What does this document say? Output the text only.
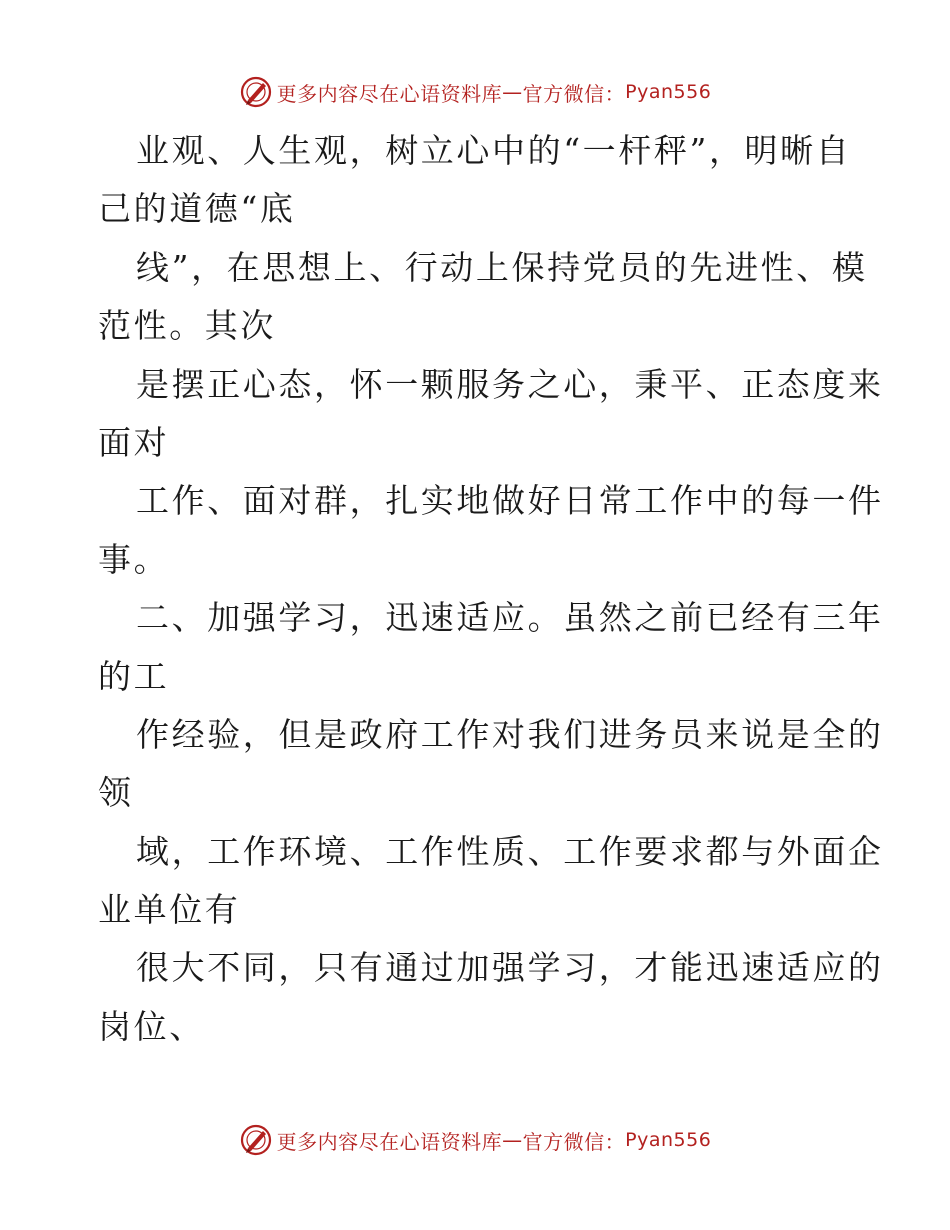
更多内容尽在心语资料库 — 官方微信： Pyan556
业观、人生观，树立心中的“一杆秤”，明晰自
己的道德“底
线”，在思想上、行动上保持党员的先进性、模
范性。其次
是摆正心态，怀一颗服务之心，秉平、正态度来
面对
工作、面对群，扎实地做好日常工作中的每一件
事。
二、加强学习，迅速适应。虽然之前已经有三年
的工
作经验，但是政府工作对我们进务员来说是全的
领
域，工作环境、工作性质、工作要求都与外面企
业单位有
很大不同，只有通过加强学习，才能迅速适应的
岗位、
更多内容尽在心语资料库 — 官方微信： Pyan556
